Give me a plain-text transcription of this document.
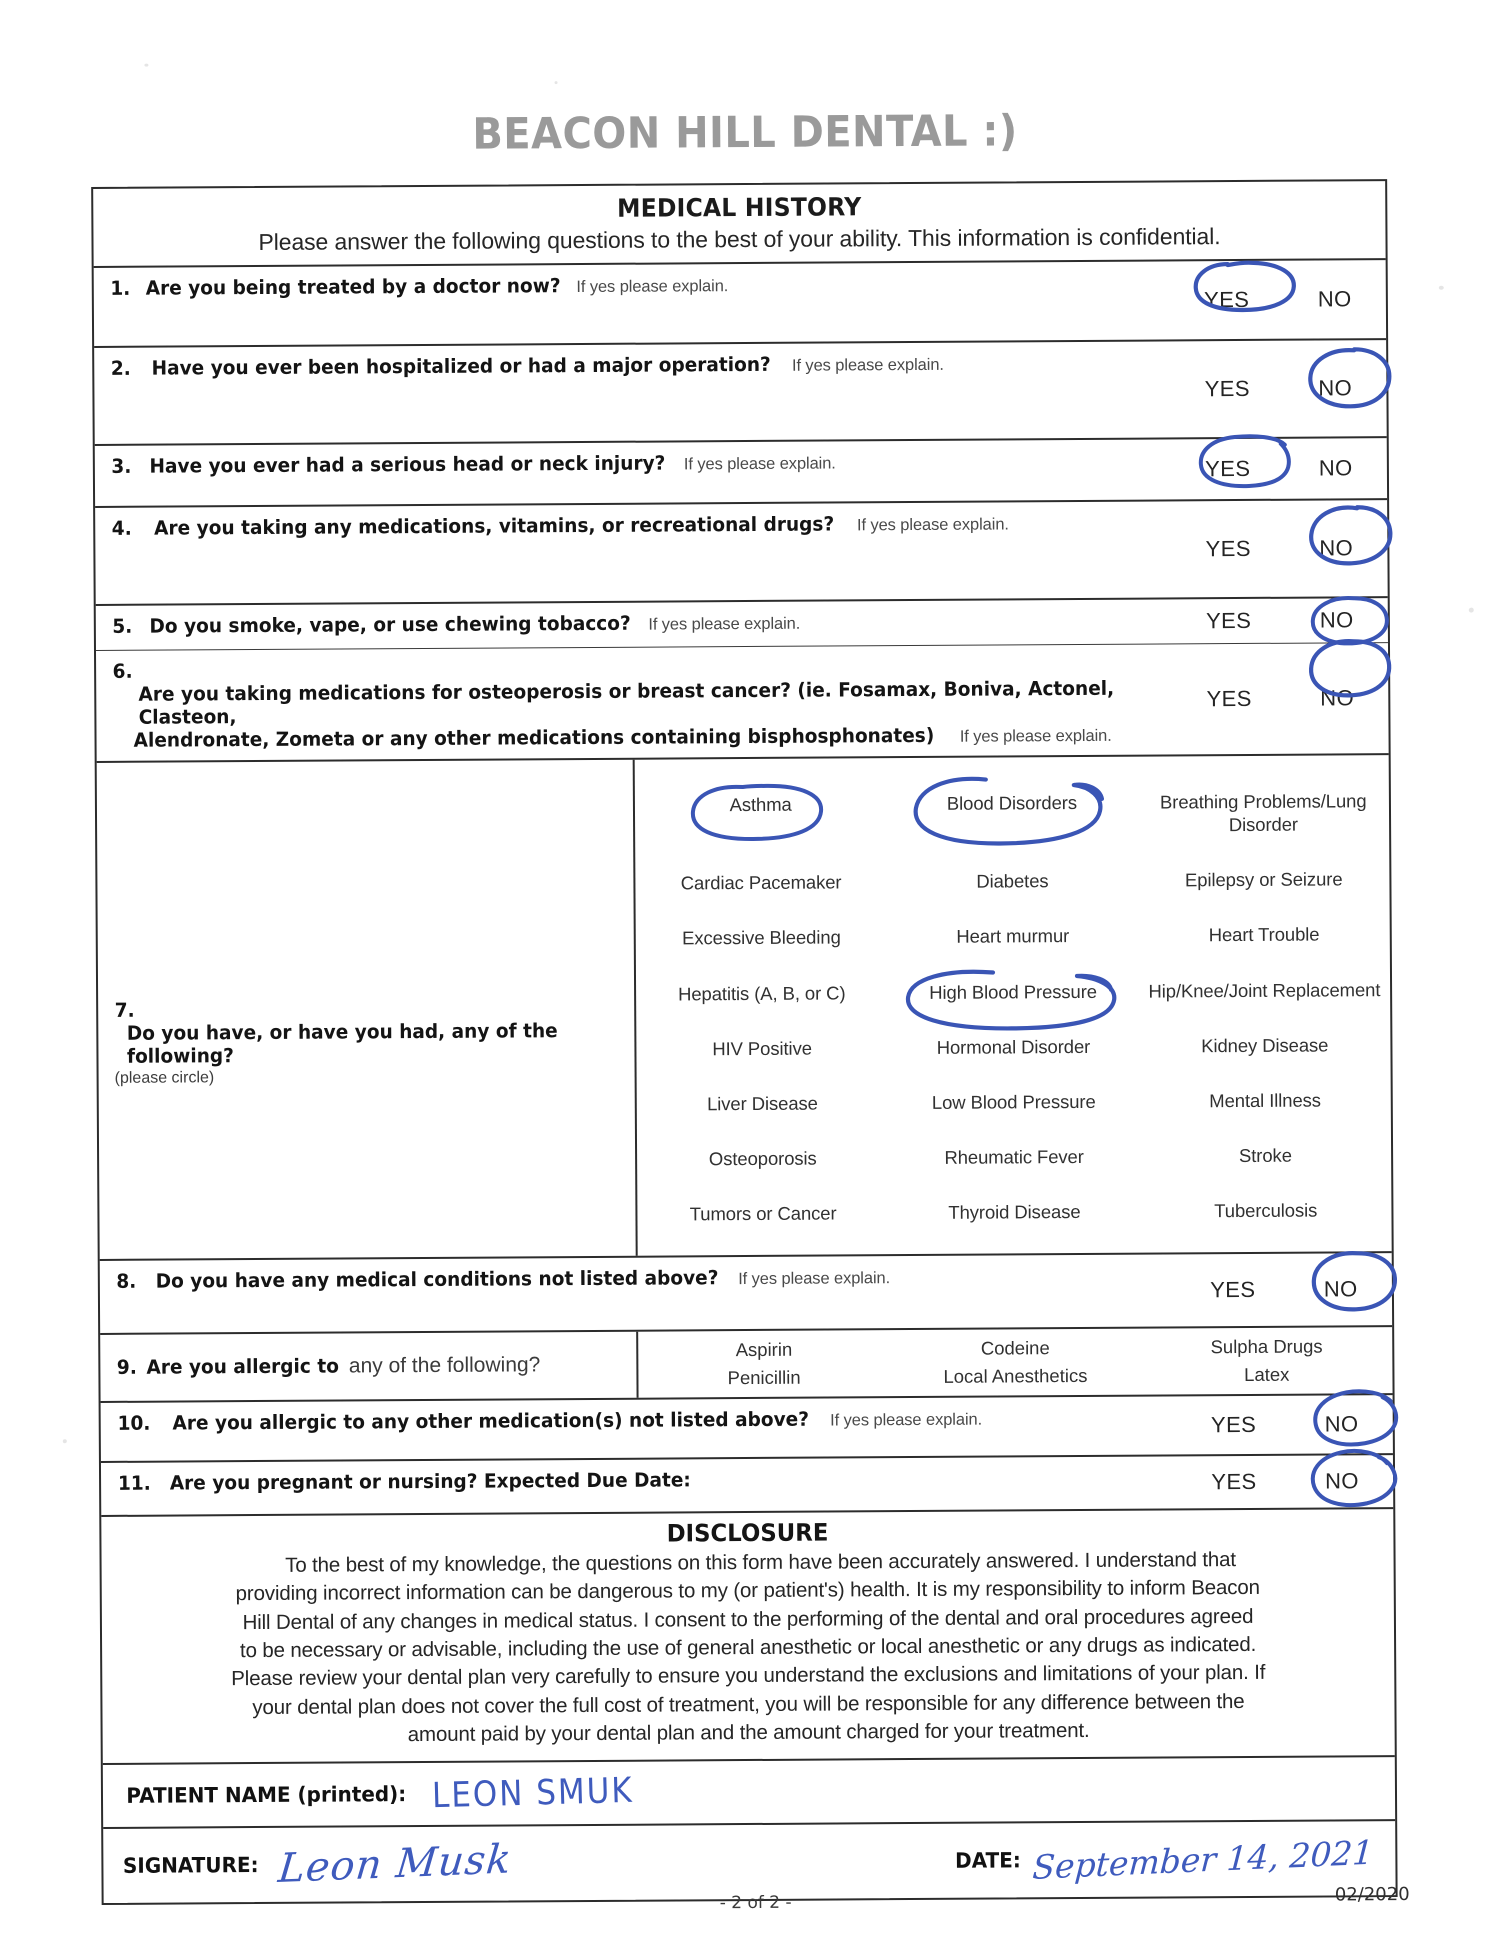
BEACON HILL DENTAL :)
MEDICAL HISTORY
Please answer the following questions to the best of your ability. This information is confidential.
1. Are you being treated by a doctor now? If yes please explain.
YES	NO
2. Have you ever been hospitalized or had a major operation? If yes please explain.
YES	NO
3. Have you ever had a serious head or neck injury? If yes please explain.	YES	NO
4. Are you taking any medications, vitamins, or recreational drugs? If yes please explain.
YES	NO
5. Do you smoke, vape, or use chewing tobacco? If yes please explain.	YES	NO
6. Are you taking medications for osteoperosis or breast cancer? (ie. Fosamax, Boniva, Actonel, Clasteon,
Alendronate, Zometa or any other medications containing bisphosphonates) If yes please explain.
YES	NO
7. Do you have, or have you had, any of the following?
(please circle)
Asthma	Blood Disorders	Breathing Problems/Lung Disorder
Cardiac Pacemaker	Diabetes	Epilepsy or Seizure
Excessive Bleeding	Heart murmur	Heart Trouble
Hepatitis (A, B, or C)	High Blood Pressure	Hip/Knee/Joint Replacement
HIV Positive	Hormonal Disorder	Kidney Disease
Liver Disease	Low Blood Pressure	Mental Illness
Osteoporosis	Rheumatic Fever	Stroke
Tumors or Cancer	Thyroid Disease	Tuberculosis
8. Do you have any medical conditions not listed above? If yes please explain.	YES	NO
9. Are you allergic to any of the following?
Aspirin	Codeine	Sulpha Drugs
Penicillin	Local Anesthetics	Latex
10. Are you allergic to any other medication(s) not listed above? If yes please explain.	YES	NO
11. Are you pregnant or nursing? Expected Due Date:	YES	NO
DISCLOSURE
To the best of my knowledge, the questions on this form have been accurately answered. I understand that
providing incorrect information can be dangerous to my (or patient's) health. It is my responsibility to inform Beacon
Hill Dental of any changes in medical status. I consent to the performing of the dental and oral procedures agreed
to be necessary or advisable, including the use of general anesthetic or local anesthetic or any drugs as indicated.
Please review your dental plan very carefully to ensure you understand the exclusions and limitations of your plan. If
your dental plan does not cover the full cost of treatment, you will be responsible for any difference between the
amount paid by your dental plan and the amount charged for your treatment.
PATIENT NAME (printed): LEON SMUK
SIGNATURE: Leon Musk	DATE: September 14, 2021
- 2 of 2 -	02/2020
